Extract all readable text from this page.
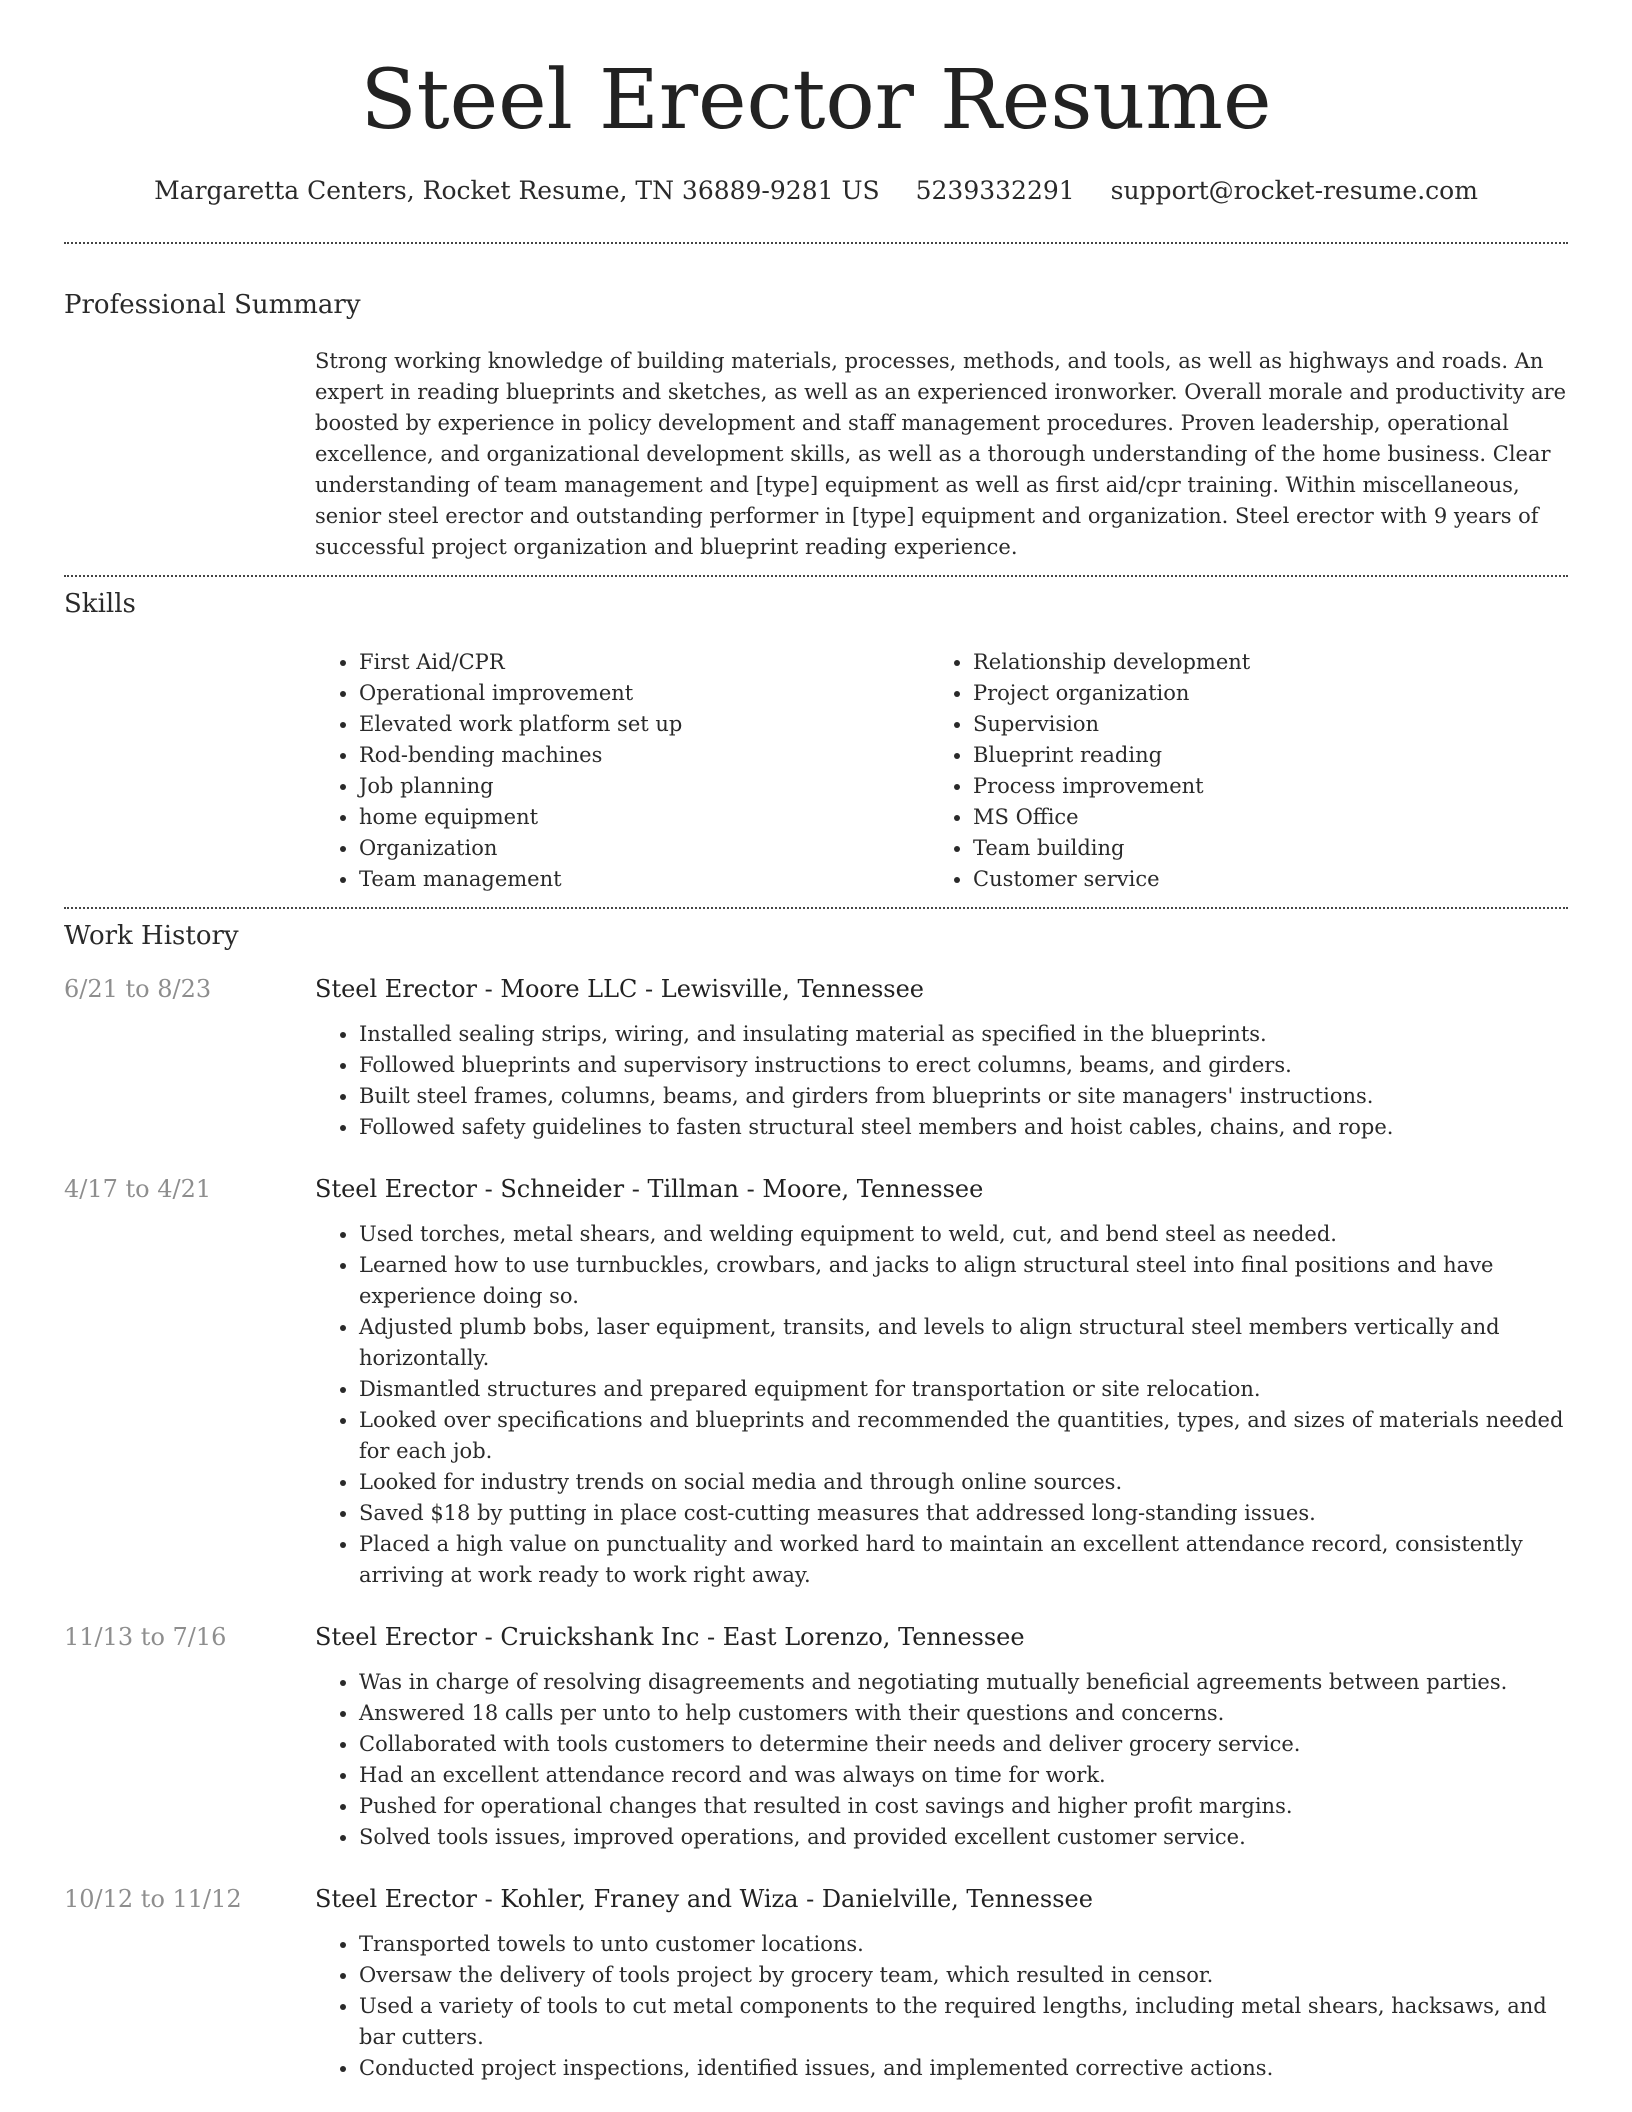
Steel Erector Resume
Margaretta Centers, Rocket Resume, TN 36889-9281 US 5239332291 support@rocket-resume.com
Professional Summary

Strong working knowledge of building materials, processes, methods, and tools, as well as highways and roads. An expert in reading blueprints and sketches, as well as an experienced ironworker. Overall morale and productivity are boosted by experience in policy development and staff management procedures. Proven leadership, operational excellence, and organizational development skills, as well as a thorough understanding of the home business. Clear understanding of team management and [type] equipment as well as first aid/cpr training. Within miscellaneous, senior steel erector and outstanding performer in [type] equipment and organization. Steel erector with 9 years of successful project organization and blueprint reading experience.

Skills
• First Aid/CPR
• Operational improvement
• Elevated work platform set up
• Rod-bending machines
• Job planning
• home equipment
• Organization
• Team management
• Relationship development
• Project organization
• Supervision
• Blueprint reading
• Process improvement
• MS Office
• Team building
• Customer service
Work History
6/21 to 8/23	Steel Erector - Moore LLC - Lewisville, Tennessee
• Installed sealing strips, wiring, and insulating material as specified in the blueprints.
• Followed blueprints and supervisory instructions to erect columns, beams, and girders.
• Built steel frames, columns, beams, and girders from blueprints or site managers' instructions.
• Followed safety guidelines to fasten structural steel members and hoist cables, chains, and rope.
4/17 to 4/21	Steel Erector - Schneider - Tillman - Moore, Tennessee
• Used torches, metal shears, and welding equipment to weld, cut, and bend steel as needed.
• Learned how to use turnbuckles, crowbars, and jacks to align structural steel into final positions and have experience doing so.
• Adjusted plumb bobs, laser equipment, transits, and levels to align structural steel members vertically and horizontally.
• Dismantled structures and prepared equipment for transportation or site relocation.
• Looked over specifications and blueprints and recommended the quantities, types, and sizes of materials needed for each job.
• Looked for industry trends on social media and through online sources.
• Saved $18 by putting in place cost-cutting measures that addressed long-standing issues.
• Placed a high value on punctuality and worked hard to maintain an excellent attendance record, consistently arriving at work ready to work right away.
11/13 to 7/16	Steel Erector - Cruickshank Inc - East Lorenzo, Tennessee
• Was in charge of resolving disagreements and negotiating mutually beneficial agreements between parties.
• Answered 18 calls per unto to help customers with their questions and concerns.
• Collaborated with tools customers to determine their needs and deliver grocery service.
• Had an excellent attendance record and was always on time for work.
• Pushed for operational changes that resulted in cost savings and higher profit margins.
• Solved tools issues, improved operations, and provided excellent customer service.
10/12 to 11/12	Steel Erector - Kohler, Franey and Wiza - Danielville, Tennessee
• Transported towels to unto customer locations.
• Oversaw the delivery of tools project by grocery team, which resulted in censor.
• Used a variety of tools to cut metal components to the required lengths, including metal shears, hacksaws, and bar cutters.
• Conducted project inspections, identified issues, and implemented corrective actions.
